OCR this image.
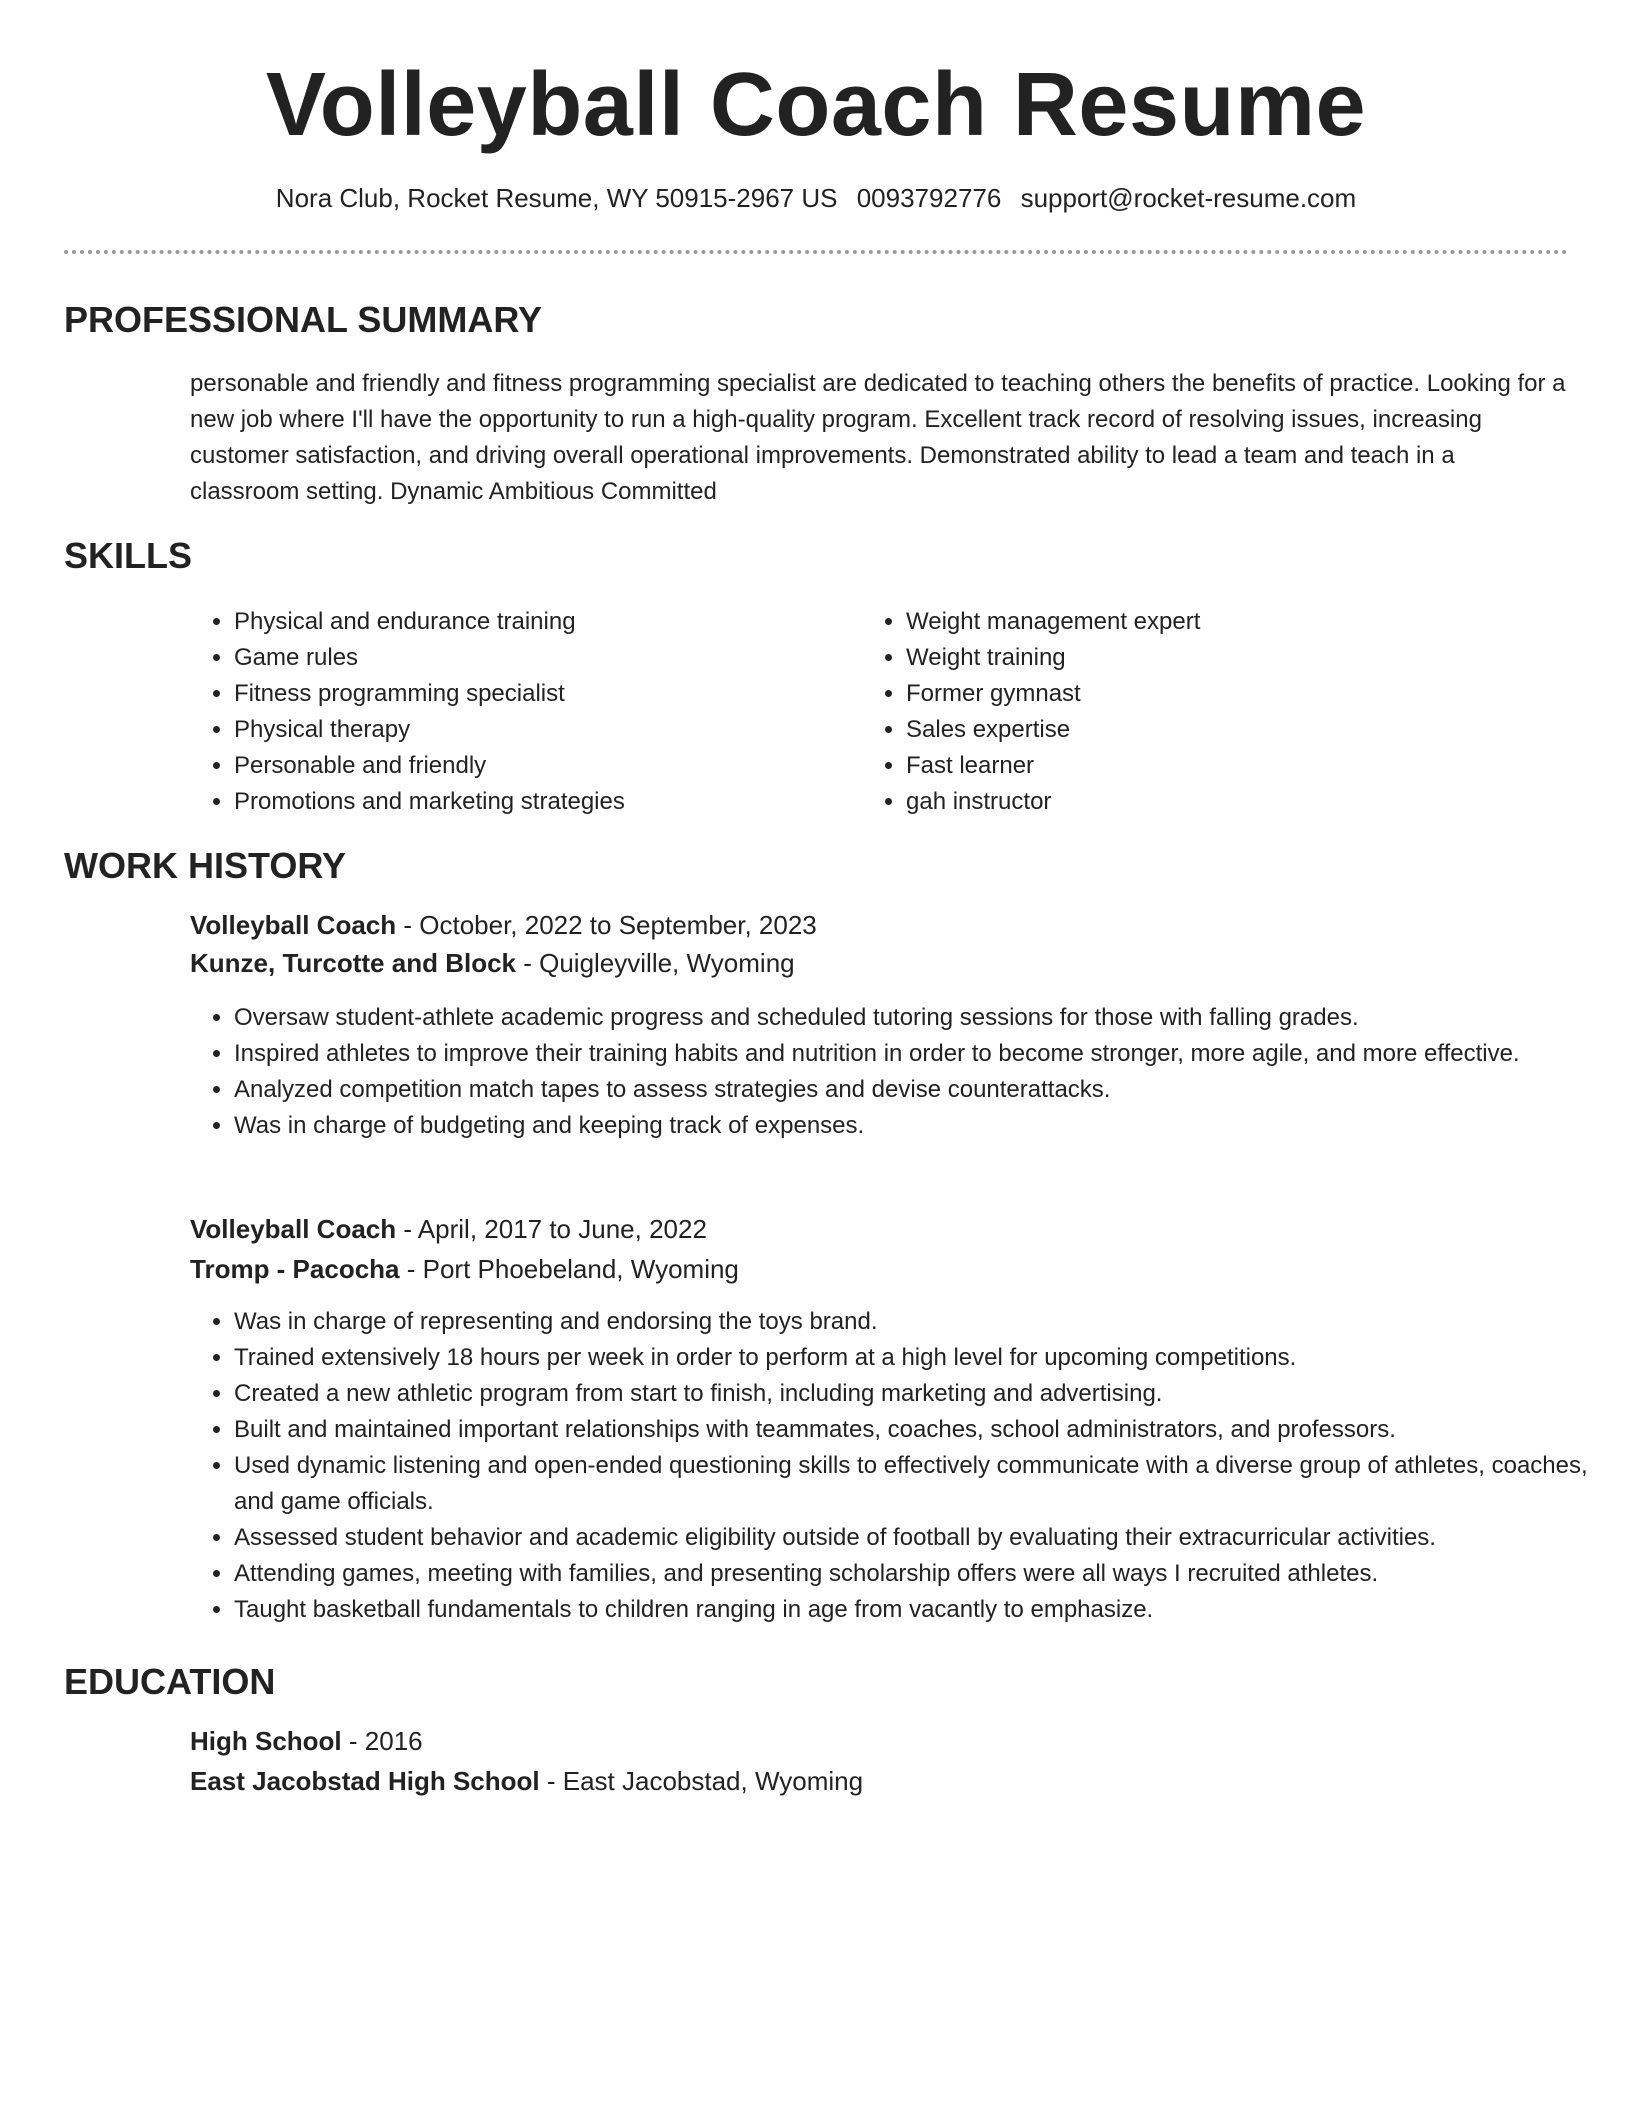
Volleyball Coach Resume
Nora Club, Rocket Resume, WY 50915-2967 US 0093792776 support@rocket-resume.com
PROFESSIONAL SUMMARY

personable and friendly and fitness programming specialist are dedicated to teaching others the benefits of practice. Looking for a new job where I'll have the opportunity to run a high-quality program. Excellent track record of resolving issues, increasing customer satisfaction, and driving overall operational improvements. Demonstrated ability to lead a team and teach in a classroom setting. Dynamic Ambitious Committed

SKILLS
• Physical and endurance training
• Game rules
• Fitness programming specialist
• Physical therapy
• Personable and friendly
• Promotions and marketing strategies
• Weight management expert
• Weight training
• Former gymnast
• Sales expertise
• Fast learner
• gah instructor
WORK HISTORY
Volleyball Coach - October, 2022 to September, 2023
Kunze, Turcotte and Block - Quigleyville, Wyoming
• Oversaw student-athlete academic progress and scheduled tutoring sessions for those with falling grades.
• Inspired athletes to improve their training habits and nutrition in order to become stronger, more agile, and more effective.
• Analyzed competition match tapes to assess strategies and devise counterattacks.
• Was in charge of budgeting and keeping track of expenses.
Volleyball Coach - April, 2017 to June, 2022
Tromp - Pacocha - Port Phoebeland, Wyoming
• Was in charge of representing and endorsing the toys brand.
• Trained extensively 18 hours per week in order to perform at a high level for upcoming competitions.
• Created a new athletic program from start to finish, including marketing and advertising.
• Built and maintained important relationships with teammates, coaches, school administrators, and professors.
• Used dynamic listening and open-ended questioning skills to effectively communicate with a diverse group of athletes, coaches, and game officials.
• Assessed student behavior and academic eligibility outside of football by evaluating their extracurricular activities.
• Attending games, meeting with families, and presenting scholarship offers were all ways I recruited athletes.
• Taught basketball fundamentals to children ranging in age from vacantly to emphasize.
EDUCATION
High School - 2016
East Jacobstad High School - East Jacobstad, Wyoming
